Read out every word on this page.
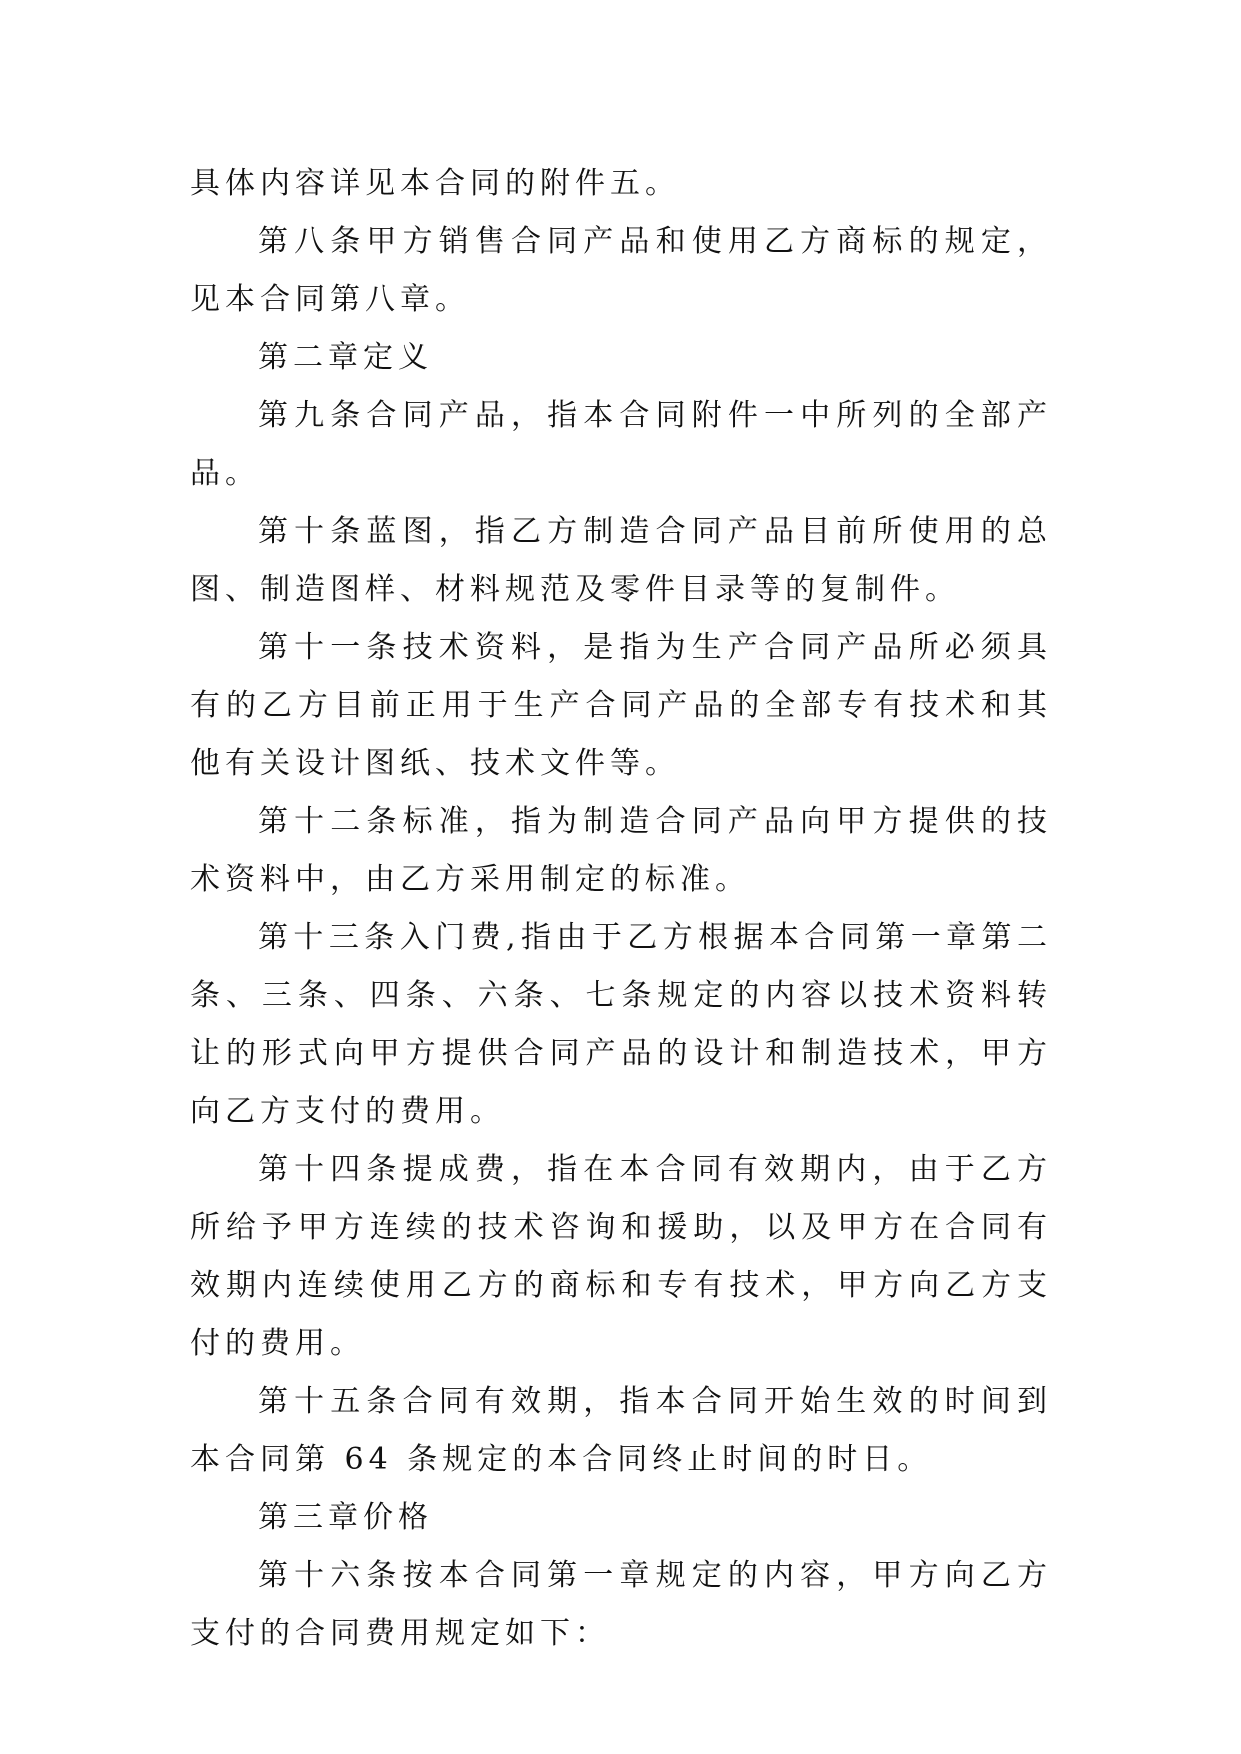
具体内容详见本合同的附件五。

第八条甲方销售合同产品和使用乙方商标的规定，见本合同第八章。

第二章定义

第九条合同产品，指本合同附件一中所列的全部产品。

第十条蓝图，指乙方制造合同产品目前所使用的总图、制造图样、材料规范及零件目录等的复制件。

第十一条技术资料，是指为生产合同产品所必须具有的乙方目前正用于生产合同产品的全部专有技术和其他有关设计图纸、技术文件等。

第十二条标准，指为制造合同产品向甲方提供的技术资料中，由乙方采用制定的标准。

第十三条入门费,指由于乙方根据本合同第一章第二条、三条、四条、六条、七条规定的内容以技术资料转让的形式向甲方提供合同产品的设计和制造技术，甲方向乙方支付的费用。

第十四条提成费，指在本合同有效期内，由于乙方所给予甲方连续的技术咨询和援助，以及甲方在合同有效期内连续使用乙方的商标和专有技术，甲方向乙方支付的费用。

第十五条合同有效期，指本合同开始生效的时间到本合同第 64 条规定的本合同终止时间的时日。

第三章价格

第十六条按本合同第一章规定的内容，甲方向乙方支付的合同费用规定如下：
